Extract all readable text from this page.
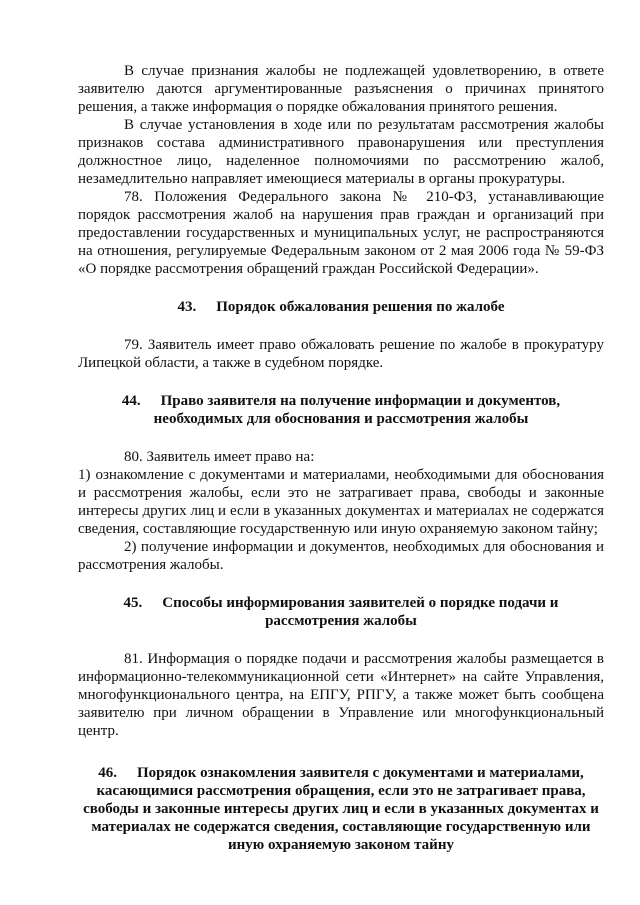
В случае признания жалобы не подлежащей удовлетворению, в ответе заявителю даются аргументированные разъяснения о причинах принятого решения, а также информация о порядке обжалования принятого решения.

В случае установления в ходе или по результатам рассмотрения жалобы признаков состава административного правонарушения или преступления должностное лицо, наделенное полномочиями по рассмотрению жалоб, незамедлительно направляет имеющиеся материалы в органы прокуратуры.

78. Положения Федерального закона № 210-ФЗ, устанавливающие порядок рассмотрения жалоб на нарушения прав граждан и организаций при предоставлении государственных и муниципальных услуг, не распространяются на отношения, регулируемые Федеральным законом от 2 мая 2006 года № 59-ФЗ «О порядке рассмотрения обращений граждан Российской Федерации».

43. Порядок обжалования решения по жалобе

79. Заявитель имеет право обжаловать решение по жалобе в прокуратуру Липецкой области, а также в судебном порядке.

44. Право заявителя на получение информации и документов, необходимых для обоснования и рассмотрения жалобы

80. Заявитель имеет право на:

1) ознакомление с документами и материалами, необходимыми для обоснования и рассмотрения жалобы, если это не затрагивает права, свободы и законные интересы других лиц и если в указанных документах и материалах не содержатся сведения, составляющие государственную или иную охраняемую законом тайну;

2) получение информации и документов, необходимых для обоснования и рассмотрения жалобы.

45. Способы информирования заявителей о порядке подачи и рассмотрения жалобы

81. Информация о порядке подачи и рассмотрения жалобы размещается в информационно-телекоммуникационной сети «Интернет» на сайте Управления, многофункционального центра, на ЕПГУ, РПГУ, а также может быть сообщена заявителю при личном обращении в Управление или многофункциональный центр.

46. Порядок ознакомления заявителя с документами и материалами, касающимися рассмотрения обращения, если это не затрагивает права, свободы и законные интересы других лиц и если в указанных документах и материалах не содержатся сведения, составляющие государственную или иную охраняемую законом тайну
